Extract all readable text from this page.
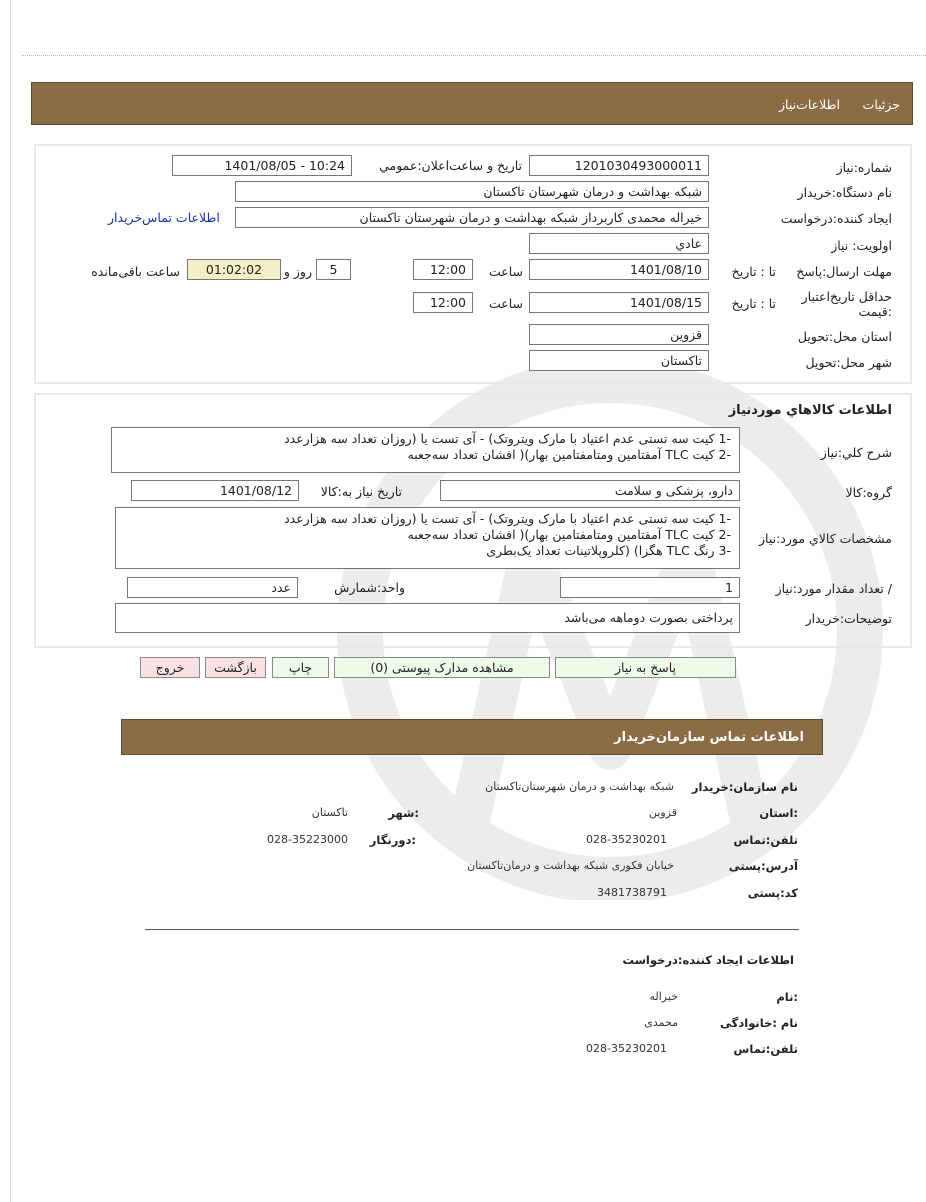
جزئیات
اطلاعات‌نیاز
شماره:نیاز
1201030493000011
تاریخ و ساعت‌اعلان:عمومي
1401/08/05 - 10:24
نام دستگاه:خریدار
شبکه بهداشت و درمان شهرستان تاکستان
ایجاد کننده:درخواست
خیراله محمدی کاربرداز شبکه بهداشت و درمان شهرستان تاکستان
اطلاعات تماس‌خریدار
اولویت: نیاز
عادي
مهلت ارسال:پاسخ
تا : تاریخ
1401/08/10
ساعت
12:00
5
روز و
01:02:02
ساعت باقی‌مانده
حداقل تاریخ‌اعتبار :قیمت
تا : تاریخ
1401/08/15
ساعت
12:00
استان محل:تحویل
قزوین
شهر محل:تحویل
تاکستان
اطلاعات کالاهاي موردنیاز
شرح کلي:نیاز
-1 کیت سه تستی عدم اعتیاد با مارک ویتروتک) - آی تست یا (روزان تعداد سه هزارعدد
-2 کیت TLC آمفتامین ومتامفتامین بهار)( افشان تعداد سه‌جعبه
گروه:کالا
دارو، پزشکی و سلامت
تاریخ نیاز به:کالا
1401/08/12
مشخصات کالاي مورد:نیاز
-1 کیت سه تستی عدم اعتیاد با مارک ویتروتک) - آی تست یا (روزان تعداد سه هزارعدد
-2 کیت TLC آمفتامین ومتامفتامین بهار)( افشان تعداد سه‌جعبه
-3 رنگ TLC هگزا) (کلروپلاتینات تعداد یک‌بطری
/ تعداد مقدار مورد:نیاز
1
واحد:شمارش
عدد
توضیحات:خریدار
پرداختی بصورت دوماهه می‌باشد
پاسخ به نیاز
مشاهده مدارک پیوستی (0)
چاپ
بازگشت
خروج
اطلاعات تماس سازمان‌خریدار
نام سازمان:خریدار
شبکه بهداشت و درمان شهرستان‌تاکستان
:استان
قزوین
:شهر
تاکستان
تلفن:تماس
028-35230201
:دورنگار
028-35223000
آدرس:پستی
خیابان فکوری شبکه بهداشت و درمان‌تاکستان
کد:پستی
3481738791
اطلاعات ایجاد کننده:درخواست
:نام
خیراله
نام :خانوادگی
محمدی
تلفن:تماس
028-35230201
